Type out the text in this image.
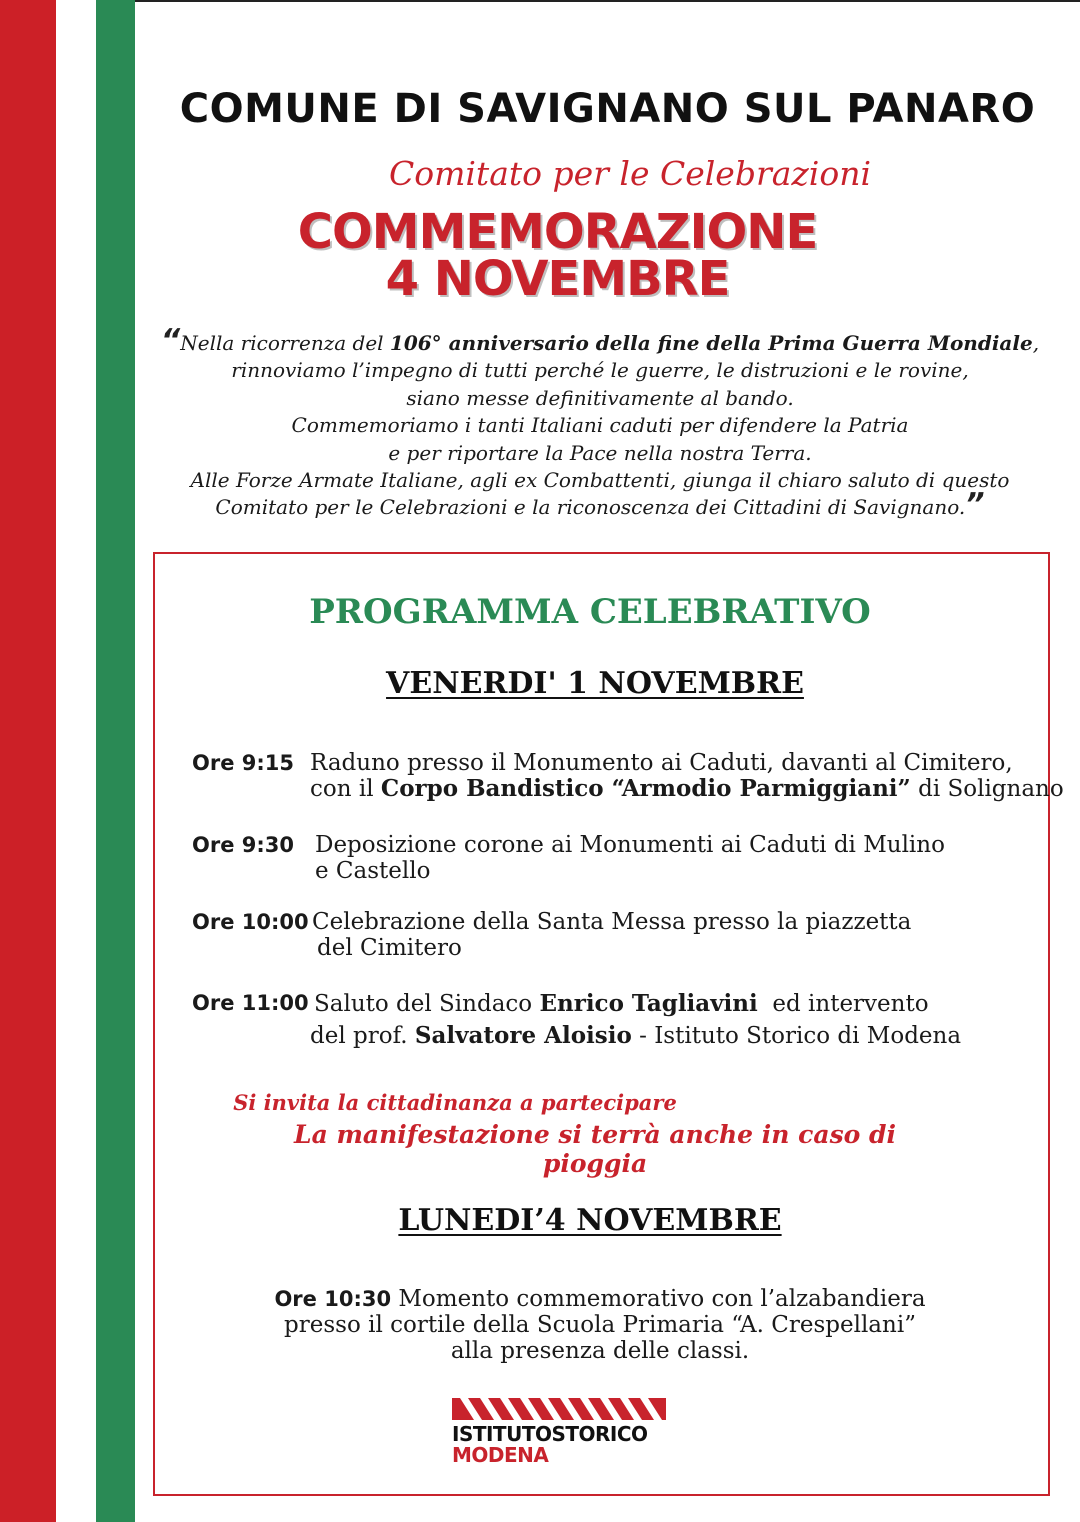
COMUNE DI SAVIGNANO SUL PANARO
Comitato per le Celebrazioni
COMMEMORAZIONE
4 NOVEMBRE
“Nella ricorrenza del 106° anniversario della fine della Prima Guerra Mondiale,
rinnoviamo l’impegno di tutti perché le guerre, le distruzioni e le rovine,
siano messe definitivamente al bando.
Commemoriamo i tanti Italiani caduti per difendere la Patria
e per riportare la Pace nella nostra Terra.
Alle Forze Armate Italiane, agli ex Combattenti, giunga il chiaro saluto di questo
Comitato per le Celebrazioni e la riconoscenza dei Cittadini di Savignano.”
PROGRAMMA CELEBRATIVO
VENERDI' 1 NOVEMBRE
Ore 9:15 Raduno presso il Monumento ai Caduti, davanti al Cimitero,
con il Corpo Bandistico “Armodio Parmiggiani” di Solignano
Ore 9:30 Deposizione corone ai Monumenti ai Caduti di Mulino
e Castello
Ore 10:00 Celebrazione della Santa Messa presso la piazzetta
del Cimitero
Ore 11:00 Saluto del Sindaco Enrico Tagliavini  ed intervento
del prof. Salvatore Aloisio - Istituto Storico di Modena
Si invita la cittadinanza a partecipare
La manifestazione si terrà anche in caso di pioggia
LUNEDI’4 NOVEMBRE
Ore 10:30 Momento commemorativo con l’alzabandiera
presso il cortile della Scuola Primaria “A. Crespellani”
alla presenza delle classi.
ISTITUTOSTORICO
MODENA
